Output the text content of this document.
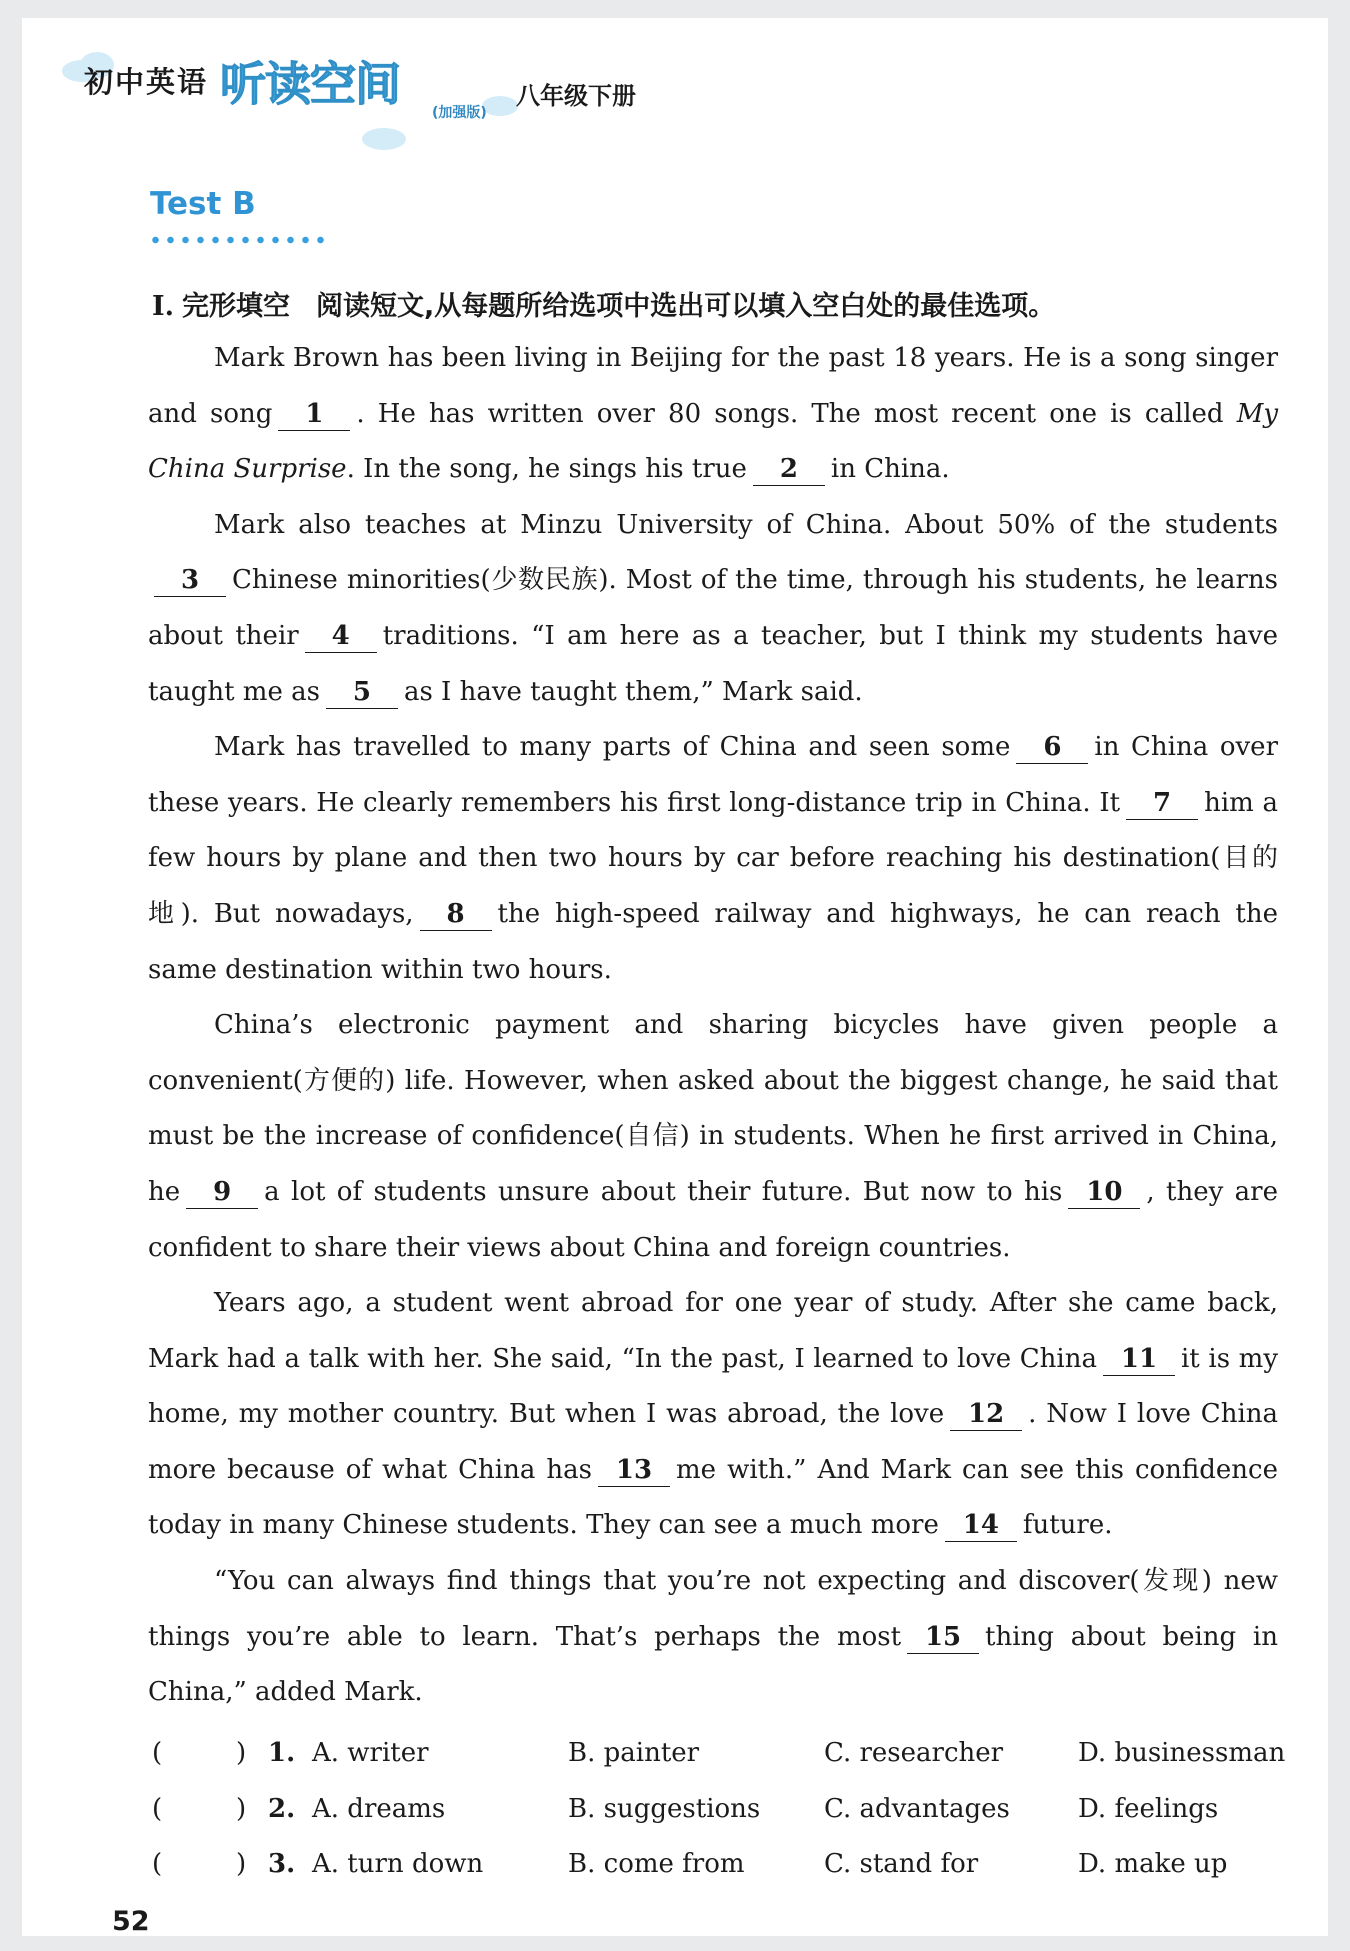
初中英语 听读空间
(加强版)
八年级下册
Test B
Ⅰ. 完形填空 阅读短文,从每题所给选项中选出可以填入空白处的最佳选项。

Mark Brown has been living in Beijing for the past 18 years. He is a song singer and song 1 . He has written over 80 songs. The most recent one is called My China Surprise. In the song, he sings his true 2 in China.

Mark also teaches at Minzu University of China. About 50% of the students3 Chinese minorities(少数民族). Most of the time, through his students, he learns about their 4 traditions. “I am here as a teacher, but I think my students have taught me as 5 as I have taught them,” Mark said.

Mark has travelled to many parts of China and seen some 6 in China over these years. He clearly remembers his first long-distance trip in China. It 7 him a few hours by plane and then two hours by car before reaching his destination(目的地). But nowadays, 8 the high-speed railway and highways, he can reach the same destination within two hours.

China’s electronic payment and sharing bicycles have given people a convenient(方便的) life. However, when asked about the biggest change, he said that must be the increase of confidence(自信) in students. When he first arrived in China, he 9 a lot of students unsure about their future. But now to his 10 , they are confident to share their views about China and foreign countries.

Years ago, a student went abroad for one year of study. After she came back, Mark had a talk with her. She said, “In the past, I learned to love China 11 it is my home, my mother country. But when I was abroad, the love 12 . Now I love China more because of what China has 13 me with.” And Mark can see this confidence today in many Chinese students. They can see a much more 14 future.

“You can always find things that you’re not expecting and discover(发现) new things you’re able to learn. That’s perhaps the most 15 thing about being in China,” added Mark.

(	) 1. A. writer	B. painter	C. researcher	D. businessman
(	) 2. A. dreams	B. suggestions C. advantages	D. feelings
(	) 3. A. turn down	B. come from	C. stand for	D. make up
52
